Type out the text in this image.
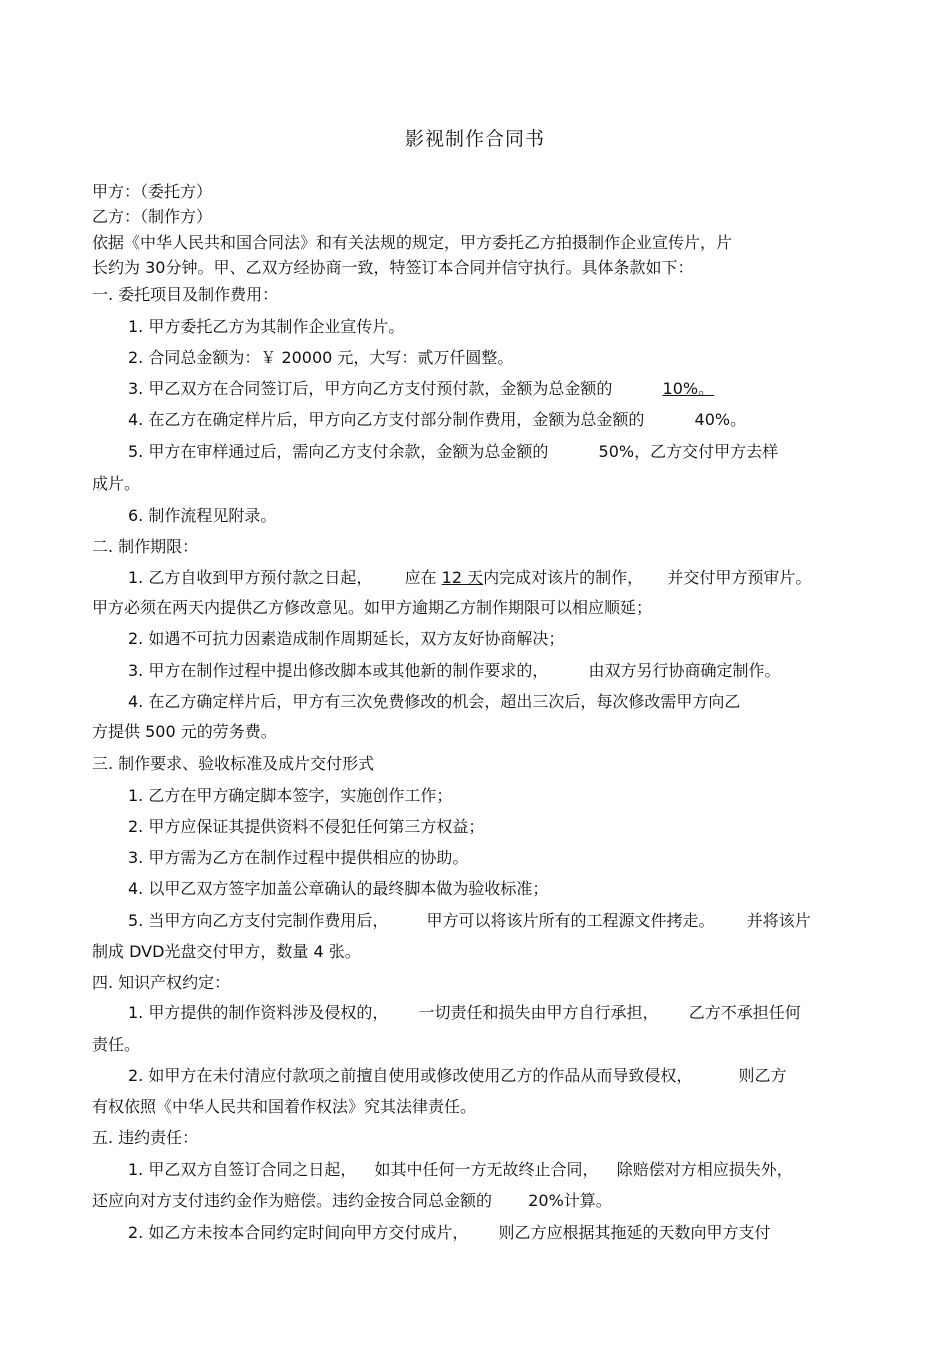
影视制作合同书
甲方：（委托方）
乙方：（制作方）
依据《中华人民共和国合同法》和有关法规的规定，甲方委托乙方拍摄制作企业宣传片，片
长约为 30分钟。甲、乙双方经协商一致，特签订本合同并信守执行。具体条款如下：
一. 委托项目及制作费用：
1. 甲方委托乙方为其制作企业宣传片。
2. 合同总金额为：￥ 20000 元，大写：贰万仟圆整。
3. 甲乙双方在合同签订后，甲方向乙方支付预付款，金额为总金额的	10%。
4. 在乙方在确定样片后，甲方向乙方支付部分制作费用，金额为总金额的	40%。
5. 甲方在审样通过后，需向乙方支付余款，金额为总金额的	50%，乙方交付甲方去样
成片。
6. 制作流程见附录。
二. 制作期限：
1. 乙方自收到甲方预付款之日起， 应在 12 天内完成对该片的制作， 并交付甲方预审片。
甲方必须在两天内提供乙方修改意见。如甲方逾期乙方制作期限可以相应顺延；
2. 如遇不可抗力因素造成制作周期延长，双方友好协商解决；
3. 甲方在制作过程中提出修改脚本或其他新的制作要求的，	由双方另行协商确定制作。
4. 在乙方确定样片后，甲方有三次免费修改的机会，超出三次后，每次修改需甲方向乙
方提供 500 元的劳务费。
三. 制作要求、验收标准及成片交付形式
1. 乙方在甲方确定脚本签字，实施创作工作；
2. 甲方应保证其提供资料不侵犯任何第三方权益；
3. 甲方需为乙方在制作过程中提供相应的协助。
4. 以甲乙双方签字加盖公章确认的最终脚本做为验收标准；
5. 当甲方向乙方支付完制作费用后， 甲方可以将该片所有的工程源文件拷走。 并将该片
制成 DVD光盘交付甲方，数量 4 张。
四. 知识产权约定：
1. 甲方提供的制作资料涉及侵权的， 一切责任和损失由甲方自行承担， 乙方不承担任何
责任。
2. 如甲方在未付清应付款项之前擅自使用或修改使用乙方的作品从而导致侵权，	则乙方
有权依照《中华人民共和国着作权法》究其法律责任。
五. 违约责任：
1. 甲乙双方自签订合同之日起， 如其中任何一方无故终止合同， 除赔偿对方相应损失外，
还应向对方支付违约金作为赔偿。违约金按合同总金额的 20%计算。
2. 如乙方未按本合同约定时间向甲方交付成片， 则乙方应根据其拖延的天数向甲方支付
